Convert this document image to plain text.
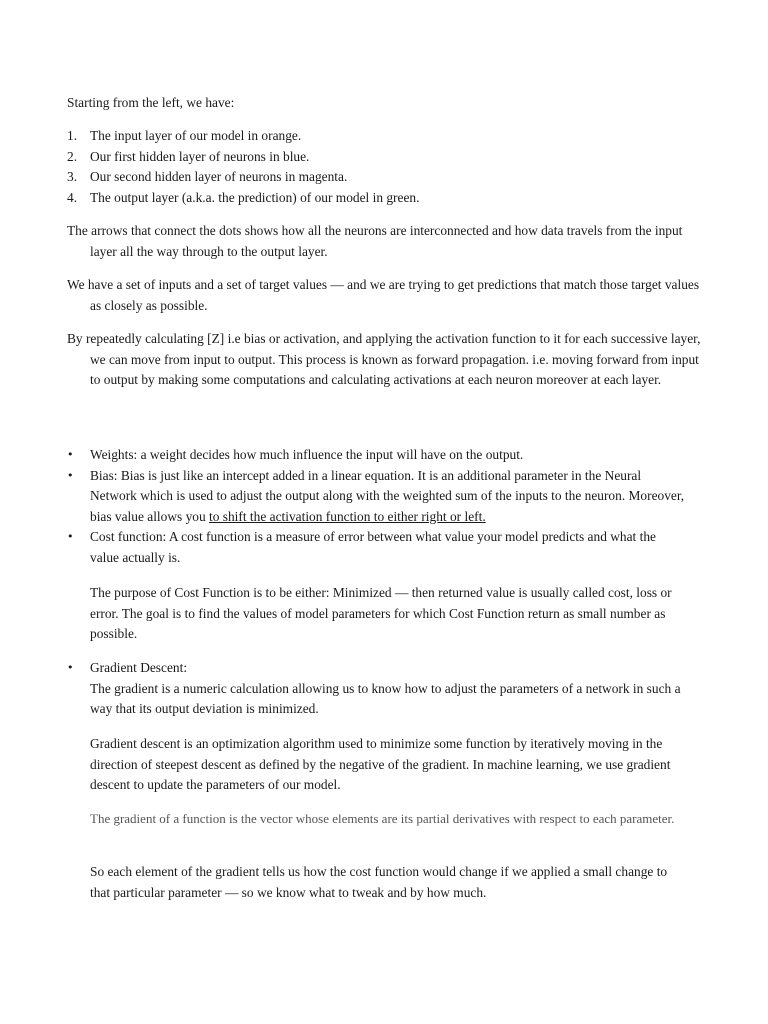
Starting from the left, we have:

1. The input layer of our model in orange.
2. Our first hidden layer of neurons in blue.
3. Our second hidden layer of neurons in magenta.
4. The output layer (a.k.a. the prediction) of our model in green.

The arrows that connect the dots shows how all the neurons are interconnected and how data travels from the input layer all the way through to the output layer.

We have a set of inputs and a set of target values — and we are trying to get predictions that match those target values as closely as possible.

By repeatedly calculating [Z] i.e bias or activation, and applying the activation function to it for each successive layer, we can move from input to output. This process is known as forward propagation. i.e. moving forward from input to output by making some computations and calculating activations at each neuron moreover at each layer.

• Weights: a weight decides how much influence the input will have on the output.
• Bias: Bias is just like an intercept added in a linear equation. It is an additional parameter in the Neural Network which is used to adjust the output along with the weighted sum of the inputs to the neuron. Moreover, bias value allows you to shift the activation function to either right or left.
• Cost function: A cost function is a measure of error between what value your model predicts and what the value actually is.

The purpose of Cost Function is to be either: Minimized — then returned value is usually called cost, loss or error. The goal is to find the values of model parameters for which Cost Function return as small number as possible.

• Gradient Descent:
The gradient is a numeric calculation allowing us to know how to adjust the parameters of a network in such a way that its output deviation is minimized.

Gradient descent is an optimization algorithm used to minimize some function by iteratively moving in the direction of steepest descent as defined by the negative of the gradient. In machine learning, we use gradient descent to update the parameters of our model.

The gradient of a function is the vector whose elements are its partial derivatives with respect to each parameter.

So each element of the gradient tells us how the cost function would change if we applied a small change to that particular parameter — so we know what to tweak and by how much.
